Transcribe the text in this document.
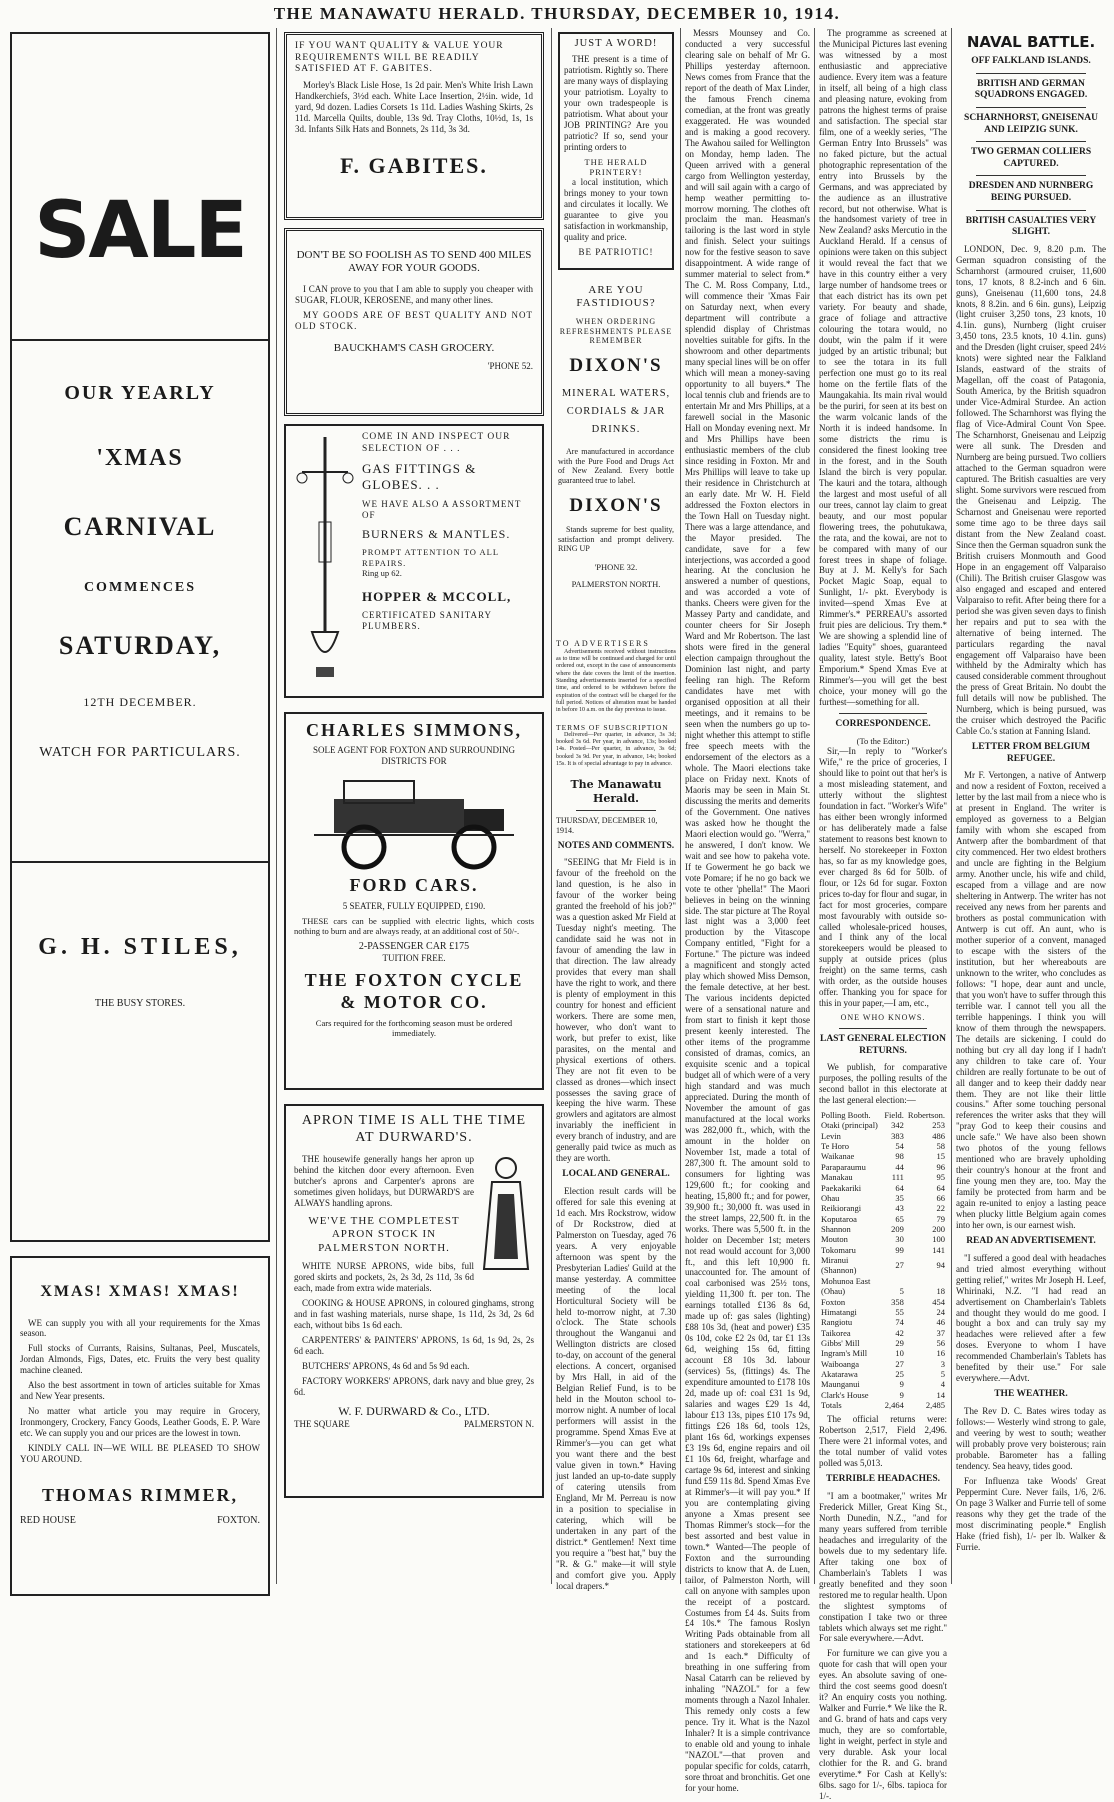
THE MANAWATU HERALD. THURSDAY, DECEMBER 10, 1914.
SALE
OUR YEARLY
'XMAS
CARNIVAL
COMMENCES
SATURDAY,
12TH DECEMBER.
WATCH FOR PARTICULARS.
G. H. STILES,
THE BUSY STORES.
XMAS! XMAS! XMAS!

WE can supply you with all your requirements for the Xmas season.

Full stocks of Currants, Raisins, Sultanas, Peel, Muscatels, Jordan Almonds, Figs, Dates, etc. Fruits the very best quality machine cleaned.

Also the best assortment in town of articles suitable for Xmas and New Year presents.

No matter what article you may require in Grocery, Ironmongery, Crockery, Fancy Goods, Leather Goods, E. P. Ware etc. We can supply you and our prices are the lowest in town.

KINDLY CALL IN—WE WILL BE PLEASED TO SHOW YOU AROUND.

THOMAS RIMMER,
RED HOUSE	FOXTON.
IF YOU WANT QUALITY & VALUE YOUR REQUIREMENTS WILL BE READILY SATISFIED AT F. GABITES.

Morley's Black Lisle Hose, 1s 2d pair. Men's White Irish Lawn Handkerchiefs, 3½d each. White Lace Insertion, 2½in. wide, 1d yard, 9d dozen. Ladies Corsets 1s 11d. Ladies Washing Skirts, 2s 11d. Marcella Quilts, double, 13s 9d. Tray Cloths, 10½d, 1s, 1s 3d. Infants Silk Hats and Bonnets, 2s 11d, 3s 3d.

F. GABITES.
DON'T BE SO FOOLISH AS TO SEND 400 MILES AWAY FOR YOUR GOODS.

I CAN prove to you that I am able to supply you cheaper with SUGAR, FLOUR, KEROSENE, and many other lines.

MY GOODS ARE OF BEST QUALITY AND NOT OLD STOCK.

BAUCKHAM'S CASH GROCERY.
'PHONE 52.
COME IN AND INSPECT OUR SELECTION OF . . .
GAS FITTINGS & GLOBES. . .
WE HAVE ALSO A ASSORTMENT OF
BURNERS & MANTLES.
PROMPT ATTENTION TO ALL REPAIRS.
Ring up 62.
HOPPER & MCCOLL,
CERTIFICATED SANITARY PLUMBERS.
CHARLES SIMMONS,
SOLE AGENT FOR FOXTON AND SURROUNDING DISTRICTS FOR
FORD CARS.
5 SEATER, FULLY EQUIPPED, £190.

THESE cars can be supplied with electric lights, which costs nothing to burn and are always ready, at an additional cost of 50/-.

2-PASSENGER CAR £175
TUITION FREE.
THE FOXTON CYCLE & MOTOR CO.
Cars required for the forthcoming season must be ordered immediately.
APRON TIME IS ALL THE TIME AT DURWARD'S.

THE housewife generally hangs her apron up behind the kitchen door every afternoon. Even butcher's aprons and Carpenter's aprons are sometimes given holidays, but DURWARD'S are ALWAYS handling aprons.

WE'VE THE COMPLETEST APRON STOCK IN PALMERSTON NORTH.

WHITE NURSE APRONS, wide bibs, full gored skirts and pockets, 2s, 2s 3d, 2s 11d, 3s 6d each, made from extra wide materials.

COOKING & HOUSE APRONS, in coloured ginghams, strong and in fast washing materials, nurse shape, 1s 11d, 2s 3d, 2s 6d each, without bibs 1s 6d each.

CARPENTERS' & PAINTERS' APRONS, 1s 6d, 1s 9d, 2s, 2s 6d each.

BUTCHERS' APRONS, 4s 6d and 5s 9d each.

FACTORY WORKERS' APRONS, dark navy and blue grey, 2s 6d.

W. F. DURWARD & Co., LTD.
THE SQUARE	PALMERSTON N.
JUST A WORD!

THE present is a time of patriotism. Rightly so. There are many ways of displaying your patriotism. Loyalty to your own tradespeople is patriotism. What about your JOB PRINTING? Are you patriotic? If so, send your printing orders to

THE HERALD PRINTERY!

a local institution, which brings money to your town and circulates it locally. We guarantee to give you satisfaction in workmanship, quality and price.

BE PATRIOTIC!
ARE YOU FASTIDIOUS?
WHEN ORDERING REFRESHMENTS PLEASE REMEMBER
DIXON'S
MINERAL WATERS, CORDIALS & JAR DRINKS.

Are manufactured in accordance with the Pure Food and Drugs Act of New Zealand. Every bottle guaranteed true to label.

DIXON'S

Stands supreme for best quality, satisfaction and prompt delivery. RING UP

'PHONE 32.
PALMERSTON NORTH.
TO ADVERTISERS

Advertisements received without instructions as to time will be continued and charged for until ordered out, except in the case of announcements where the date covers the limit of the insertion. Standing advertisements inserted for a specified time, and ordered to be withdrawn before the expiration of the contract will be charged for the full period. Notices of alteration must be handed in before 10 a.m. on the day previous to issue.

TERMS OF SUBSCRIPTION

Delivered—Per quarter, in advance, 3s 3d; booked 3s 6d. Per year, in advance, 13s; booked 14s. Posted—Per quarter, in advance, 3s 6d; booked 3s 9d. Per year, in advance, 14s; booked 15s. It is of special advantage to pay in advance.

The Manawatu Herald.
THURSDAY, DECEMBER 10, 1914.
NOTES AND COMMENTS.

"SEEING that Mr Field is in favour of the freehold on the land question, is he also in favour of the worker being granted the freehold of his job?" was a question asked Mr Field at Tuesday night's meeting. The candidate said he was not in favour of amending the law in that direction. The law already provides that every man shall have the right to work, and there is plenty of employment in this country for honest and efficient workers. There are some men, however, who don't want to work, but prefer to exist, like parasites, on the mental and physical exertions of others. They are not fit even to be classed as drones—which insect possesses the saving grace of keeping the hive warm. These growlers and agitators are almost invariably the inefficient in every branch of industry, and are generally paid twice as much as they are worth.

LOCAL AND GENERAL.

Election result cards will be offered for sale this evening at 1d each. Mrs Rockstrow, widow of Dr Rockstrow, died at Palmerston on Tuesday, aged 76 years. A very enjoyable afternoon was spent by the Presbyterian Ladies' Guild at the manse yesterday. A committee meeting of the local Horticultural Society will be held to-morrow night, at 7.30 o'clock. The State schools throughout the Wanganui and Wellington districts are closed to-day, on account of the general elections. A concert, organised by Mrs Hall, in aid of the Belgian Relief Fund, is to be held in the Mouton school to-morrow night. A number of local performers will assist in the programme. Spend Xmas Eve at Rimmer's—you can get what you want there and the best value given in town.* Having just landed an up-to-date supply of catering utensils from England, Mr M. Perreau is now in a position to specialise in catering, which will be undertaken in any part of the district.* Gentlemen! Next time you require a "best hat," buy the "R. & G." make—it will style and comfort give you. Apply local drapers.*

Messrs Mounsey and Co. conducted a very successful clearing sale on behalf of Mr G. Phillips yesterday afternoon. News comes from France that the report of the death of Max Linder, the famous French cinema comedian, at the front was greatly exaggerated. He was wounded and is making a good recovery. The Awahou sailed for Wellington on Monday, hemp laden. The Queen arrived with a general cargo from Wellington yesterday, and will sail again with a cargo of hemp weather permitting to-morrow morning. The clothes oft proclaim the man. Heasman's tailoring is the last word in style and finish. Select your suitings now for the festive season to save disappointment. A wide range of summer material to select from.* The C. M. Ross Company, Ltd., will commence their 'Xmas Fair on Saturday next, when every department will contribute a splendid display of Christmas novelties suitable for gifts. In the showroom and other departments many special lines will be on offer which will mean a money-saving opportunity to all buyers.* The local tennis club and friends are to entertain Mr and Mrs Phillips, at a farewell social in the Masonic Hall on Monday evening next. Mr and Mrs Phillips have been enthusiastic members of the club since residing in Foxton. Mr and Mrs Phillips will leave to take up their residence in Christchurch at an early date. Mr W. H. Field addressed the Foxton electors in the Town Hall on Tuesday night. There was a large attendance, and the Mayor presided. The candidate, save for a few interjections, was accorded a good hearing. At the conclusion he answered a number of questions, and was accorded a vote of thanks. Cheers were given for the Massey Party and candidate, and counter cheers for Sir Joseph Ward and Mr Robertson. The last shots were fired in the general election campaign throughout the Dominion last night, and party feeling ran high. The Reform candidates have met with organised opposition at all their meetings, and it remains to be seen when the numbers go up to-night whether this attempt to stifle free speech meets with the endorsement of the electors as a whole. The Maori elections take place on Friday next. Knots of Maoris may be seen in Main St. discussing the merits and demerits of the Government. One natives was asked how he thought the Maori election would go. "Werra," he answered, I don't know. We wait and see how to pakeha vote. If te Gowerment he go back we vote Pomare; if he no go back we vote te other 'phella!" The Maori believes in being on the winning side. The star picture at The Royal last night was a 3,000 feet production by the Vitascope Company entitled, "Fight for a Fortune." The picture was indeed a magnificent and stongly acted play which showed Miss Demson, the female detective, at her best. The various incidents depicted were of a sensational nature and from start to finish it kept those present keenly interested. The other items of the programme consisted of dramas, comics, an exquisite scenic and a topical budget all of which were of a very high standard and was much appreciated. During the month of November the amount of gas manufactured at the local works was 282,000 ft., which, with the amount in the holder on November 1st, made a total of 287,300 ft. The amount sold to consumers for lighting was 129,600 ft.; for cooking and heating, 15,800 ft.; and for power, 39,900 ft.; 30,000 ft. was used in the street lamps, 22,500 ft. in the works. There was 5,500 ft. in the holder on December 1st; meters not read would account for 3,000 ft., and this left 10,900 ft. unaccounted for. The amount of coal carbonised was 25½ tons, yielding 11,300 ft. per ton. The earnings totalled £136 8s 6d, made up of: gas sales (lighting) £88 10s 3d, (heat and power) £35 0s 10d, coke £2 2s 0d, tar £1 13s 6d, weighing 15s 6d, fitting account £8 10s 3d. labour (services) 5s, (fittings) 4s. The expenditure amounted to £178 10s 2d, made up of: coal £31 1s 9d, salaries and wages £29 1s 4d, labour £13 13s, pipes £10 17s 9d, fittings £26 18s 6d, tools 12s, plant 16s 6d, workings expenses £3 19s 6d, engine repairs and oil £1 10s 6d, freight, wharfage and cartage 9s 6d, interest and sinking fund £59 11s 8d. Spend Xmas Eve at Rimmer's—it will pay you.* If you are contemplating giving anyone a Xmas present see Thomas Rimmer's stock—for the best assorted and best value in town.* Wanted—The people of Foxton and the surrounding districts to know that A. de Luen, tailor, of Palmerston North, will call on anyone with samples upon the receipt of a postcard. Costumes from £4 4s. Suits from £4 10s.* The famous Roslyn Writing Pads obtainable from all stationers and storekeepers at 6d and 1s each.* Difficulty of breathing in one suffering from Nasal Catarrh can be relieved by inhaling "NAZOL" for a few moments through a Nazol Inhaler. This remedy only costs a few pence. Try it. What is the Nazol Inhaler? It is a simple contrivance to enable old and young to inhale "NAZOL"—that proven and popular specific for colds, catarrh, sore throat and bronchitis. Get one for your home.

The programme as screened at the Municipal Pictures last evening was witnessed by a most enthusiastic and appreciative audience. Every item was a feature in itself, all being of a high class and pleasing nature, evoking from patrons the highest terms of praise and satisfaction. The special star film, one of a weekly series, "The German Entry Into Brussels" was no faked picture, but the actual photographic representation of the entry into Brussels by the Germans, and was appreciated by the audience as an illustrative record, but not otherwise. What is the handsomest variety of tree in New Zealand? asks Mercutio in the Auckland Herald. If a census of opinions were taken on this subject it would reveal the fact that we have in this country either a very large number of handsome trees or that each district has its own pet variety. For beauty and shade, grace of foliage and attractive colouring the totara would, no doubt, win the palm if it were judged by an artistic tribunal; but to see the totara in its full perfection one must go to its real home on the fertile flats of the Maungakahia. Its main rival would be the puriri, for seen at its best on the warm volcanic lands of the North it is indeed handsome. In some districts the rimu is considered the finest looking tree in the forest, and in the South Island the birch is very popular. The kauri and the totara, although the largest and most useful of all our trees, cannot lay claim to great beauty, and our most popular flowering trees, the pohutukawa, the rata, and the kowai, are not to be compared with many of our forest trees in shape of foliage. Buy at J. M. Kelly's for Sach Pocket Magic Soap, equal to Sunlight, 1/- pkt. Everybody is invited—spend Xmas Eve at Rimmer's.* PERREAU's assorted fruit pies are delicious. Try them.* We are showing a splendid line of ladies "Equity" shoes, guaranteed quality, latest style. Betty's Boot Emporium.* Spend Xmas Eve at Rimmer's—you will get the best choice, your money will go the furthest—something for all.

CORRESPONDENCE.
(To the Editor:)

Sir,—In reply to "Worker's Wife," re the price of groceries, I should like to point out that her's is a most misleading statement, and utterly without the slightest foundation in fact. "Worker's Wife" has either been wrongly informed or has deliberately made a false statement to reasons best known to herself. No storekeeper in Foxton has, so far as my knowledge goes, ever charged 8s 6d for 50lb. of flour, or 12s 6d for sugar. Foxton prices to-day for flour and sugar, in fact for most groceries, compare most favourably with outside so-called wholesale-priced houses, and I think any of the local storekeepers would be pleased to supply at outside prices (plus freight) on the same terms, cash with order, as the outside houses offer. Thanking you for space for this in your paper,—I am, etc.,

ONE WHO KNOWS.
LAST GENERAL ELECTION RETURNS.

We publish, for comparative purposes, the polling results of the second ballot in this electorate at the last general election:—

Polling Booth.	Field.	Robertson.
Otaki (principal)	342	253
Levin	383	486
Te Horo	54	58
Waikanae	98	15
Paraparaumu	44	96
Manakau	111	95
Paekakariki	64	64
Ohau	35	66
Reikiorangi	43	22
Koputaroa	65	79
Shannon	209	200
Mouton	30	100
Tokomaru	99	141
Miranui (Shannon)	27	94
Mohunoa East		
(Ohau)	5	18
Foxton	358	454
Himatangi	55	24
Rangiotu	74	46
Taikorea	42	37
Gibbs' Mill	29	56
Ingram's Mill	10	16
Waiboanga	27	3
Akatarawa	25	5
Maunganui	9	4
Clark's House	9	14
Totals	2,464	2,485

The official returns were: Robertson 2,517, Field 2,496. There were 21 informal votes, and the total number of valid votes polled was 5,013.

TERRIBLE HEADACHES.

"I am a bootmaker," writes Mr Frederick Miller, Great King St., North Dunedin, N.Z., "and for many years suffered from terrible headaches and irregularity of the bowels due to my sedentary life. After taking one box of Chamberlain's Tablets I was greatly benefited and they soon restored me to regular health. Upon the slightest symptoms of constipation I take two or three tablets which always set me right." For sale everywhere.—Advt.

For furniture we can give you a quote for cash that will open your eyes. An absolute saving of one-third the cost seems good doesn't it? An enquiry costs you nothing. Walker and Furrie.* We like the R. and G. brand of hats and caps very much, they are so comfortable, light in weight, perfect in style and very durable. Ask your local clothier for the R. and G. brand everytime.* For Cash at Kelly's: 6lbs. sago for 1/-, 6lbs. tapioca for 1/-.

NAVAL BATTLE.
OFF FALKLAND ISLANDS.
BRITISH AND GERMAN SQUADRONS ENGAGED.
SCHARNHORST, GNEISENAU AND LEIPZIG SUNK.
TWO GERMAN COLLIERS CAPTURED.
DRESDEN AND NURNBERG BEING PURSUED.
BRITISH CASUALTIES VERY SLIGHT.

LONDON, Dec. 9, 8.20 p.m. The German squadron consisting of the Scharnhorst (armoured cruiser, 11,600 tons, 17 knots, 8 8.2-inch and 6 6in. guns), Gneisenau (11,600 tons, 24.8 knots, 8 8.2in. and 6 6in. guns), Leipzig (light cruiser 3,250 tons, 23 knots, 10 4.1in. guns), Nurnberg (light cruiser 3,450 tons, 23.5 knots, 10 4.1in. guns) and the Dresden (light cruiser, speed 24½ knots) were sighted near the Falkland Islands, eastward of the straits of Magellan, off the coast of Patagonia, South America, by the British squadron under Vice-Admiral Sturdee. An action followed. The Scharnhorst was flying the flag of Vice-Admiral Count Von Spee. The Scharnhorst, Gneisenau and Leipzig were all sunk. The Dresden and Nurnberg are being pursued. Two colliers attached to the German squadron were captured. The British casualties are very slight. Some survivors were rescued from the Gneisenau and Leipzig. The Scharnost and Gneisenau were reported some time ago to be three days sail distant from the New Zealand coast. Since then the German squadron sunk the British cruisers Monmouth and Good Hope in an engagement off Valparaiso (Chili). The British cruiser Glasgow was also engaged and escaped and entered Valparaiso to refit. After being there for a period she was given seven days to finish her repairs and put to sea with the alternative of being interned. The particulars regarding the naval engagement off Valparaiso have been withheld by the Admiralty which has caused considerable comment throughout the press of Great Britain. No doubt the full details will now be published. The Nurnberg, which is being pursued, was the cruiser which destroyed the Pacific Cable Co.'s station at Fanning Island.

LETTER FROM BELGIUM REFUGEE.

Mr F. Vertongen, a native of Antwerp and now a resident of Foxton, received a letter by the last mail from a niece who is at present in England. The writer is employed as governess to a Belgian family with whom she escaped from Antwerp after the bombardment of that city commenced. Her two eldest brothers and uncle are fighting in the Belgium army. Another uncle, his wife and child, escaped from a village and are now sheltering in Antwerp. The writer has not received any news from her parents and brothers as postal communication with Antwerp is cut off. An aunt, who is mother superior of a convent, managed to escape with the sisters of the institution, but her whereabouts are unknown to the writer, who concludes as follows: "I hope, dear aunt and uncle, that you won't have to suffer through this terrible war. I cannot tell you all the terrible happenings. I think you will know of them through the newspapers. The details are sickening. I could do nothing but cry all day long if I hadn't any children to take care of. Your children are really fortunate to be out of all danger and to keep their daddy near them. They are not like their little cousins." After some touching personal references the writer asks that they will "pray God to keep their cousins and uncle safe." We have also been shown two photos of the young fellows mentioned who are bravely upholding their country's honour at the front and fine young men they are, too. May the family be protected from harm and be again re-united to enjoy a lasting peace when plucky little Belgium again comes into her own, is our earnest wish.

READ AN ADVERTISEMENT.

"I suffered a good deal with headaches and tried almost everything without getting relief," writes Mr Joseph H. Leef, Whirinaki, N.Z. "I had read an advertisement on Chamberlain's Tablets and thought they would do me good. I bought a box and can truly say my headaches were relieved after a few doses. Everyone to whom I have recommended Chamberlain's Tablets has benefited by their use." For sale everywhere.—Advt.

THE WEATHER.

The Rev D. C. Bates wires today as follows:— Westerly wind strong to gale, and veering by west to south; weather will probably prove very boisterous; rain probable. Barometer has a falling tendency. Sea heavy, tides good.

For Influenza take Woods' Great Peppermint Cure. Never fails, 1/6, 2/6. On page 3 Walker and Furrie tell of some reasons why they get the trade of the most discriminating people.* English Hake (fried fish), 1/- per lb. Walker & Furrie.
